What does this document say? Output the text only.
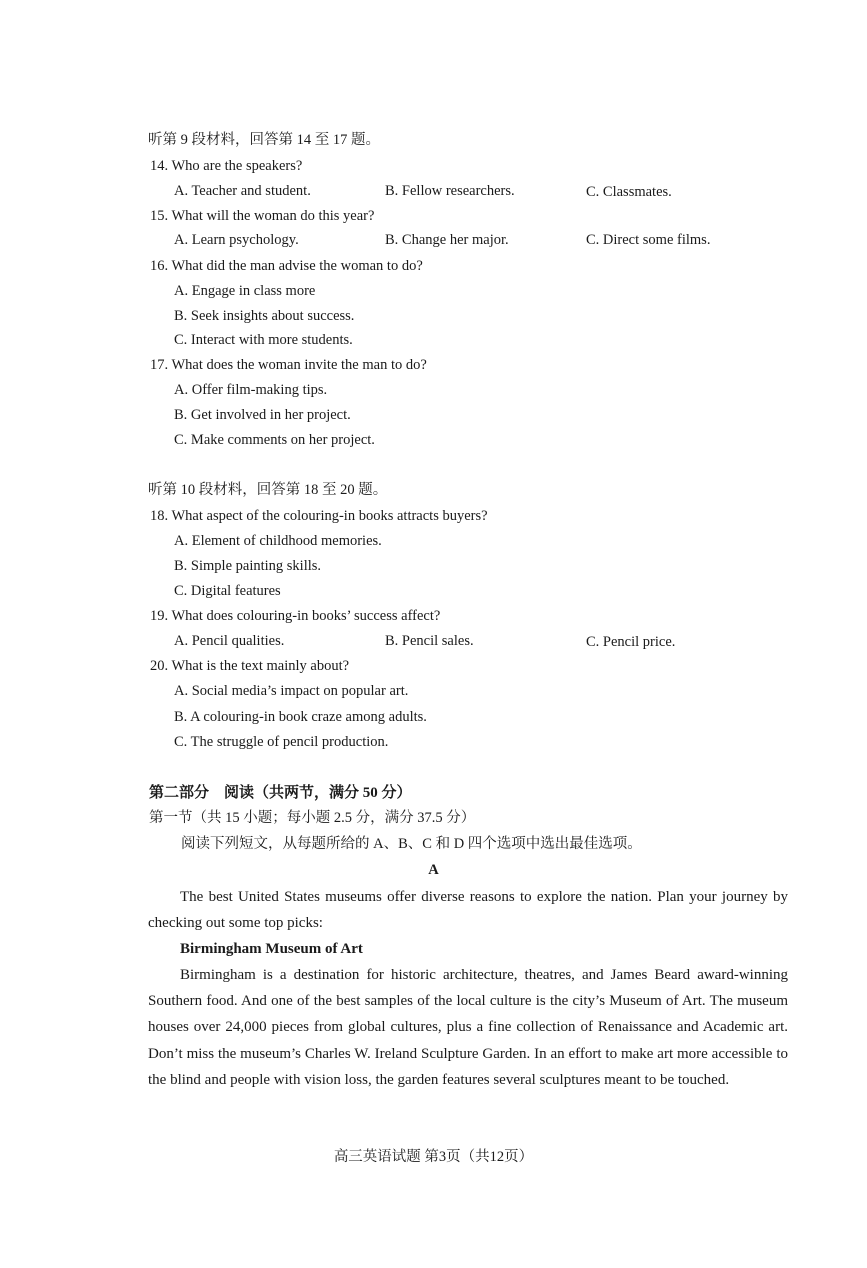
听第 9 段材料，回答第 14 至 17 题。
14. Who are the speakers?
A. Teacher and student.	B. Fellow researchers.	C. Classmates.
15. What will the woman do this year?
A. Learn psychology.	B. Change her major.	C. Direct some films.
16. What did the man advise the woman to do?
A. Engage in class more
B. Seek insights about success.
C. Interact with more students.
17. What does the woman invite the man to do?
A. Offer film-making tips.
B. Get involved in her project.
C. Make comments on her project.
听第 10 段材料，回答第 18 至 20 题。
18. What aspect of the colouring-in books attracts buyers?
A. Element of childhood memories.
B. Simple painting skills.
C. Digital features
19. What does colouring-in books’ success affect?
A. Pencil qualities.	B. Pencil sales.	C. Pencil price.
20. What is the text mainly about?
A. Social media’s impact on popular art.
B. A colouring-in book craze among adults.
C. The struggle of pencil production.
第二部分　阅读（共两节，满分 50 分）
第一节（共 15 小题；每小题 2.5 分，满分 37.5 分）
阅读下列短文，从每题所给的 A、B、C 和 D 四个选项中选出最佳选项。
A

The best United States museums offer diverse reasons to explore the nation. Plan your journey by checking out some top picks:

Birmingham Museum of Art

Birmingham is a destination for historic architecture, theatres, and James Beard award-winning Southern food. And one of the best samples of the local culture is the city’s Museum of Art. The museum houses over 24,000 pieces from global cultures, plus a fine collection of Renaissance and Academic art. Don’t miss the museum’s Charles W. Ireland Sculpture Garden. In an effort to make art more accessible to the blind and people with vision loss, the garden features several sculptures meant to be touched.

高三英语试题 第3页（共12页）
